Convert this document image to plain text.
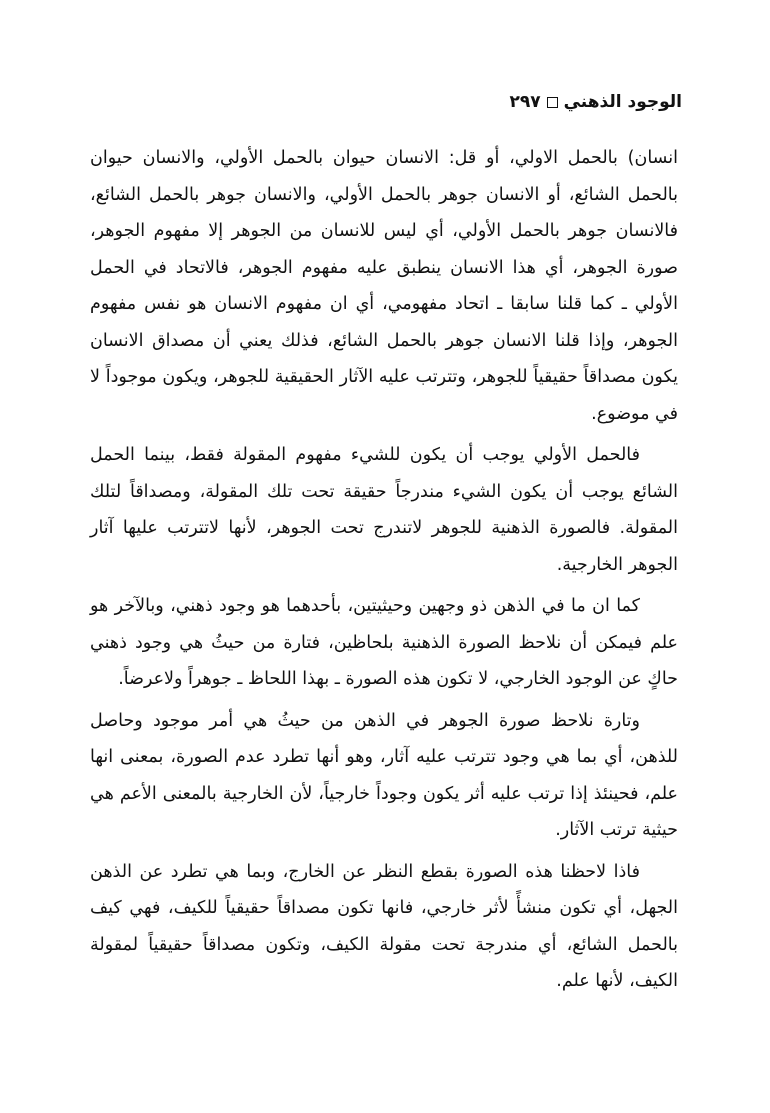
الوجود الذهني
٢٩٧

انسان) بالحمل الاولي، أو قل: الانسان حيوان بالحمل الأولي، والانسان حيوان بالحمل الشائع، أو الانسان جوهر بالحمل الأولي، والانسان جوهر بالحمل الشائع، فالانسان جوهر بالحمل الأولي، أي ليس للانسان من الجوهر إلا مفهوم الجوهر، صورة الجوهر، أي هذا الانسان ينطبق عليه مفهوم الجوهر، فالاتحاد في الحمل الأولي ـ كما قلنا سابقا ـ اتحاد مفهومي، أي ان مفهوم الانسان هو نفس مفهوم الجوهر، وإذا قلنا الانسان جوهر بالحمل الشائع، فذلك يعني أن مصداق الانسان يكون مصداقاً حقيقياً للجوهر، وتترتب عليه الآثار الحقيقية للجوهر، ويكون موجوداً لا في موضوع.

فالحمل الأولي يوجب أن يكون للشيء مفهوم المقولة فقط، بينما الحمل الشائع يوجب أن يكون الشيء مندرجاً حقيقة تحت تلك المقولة، ومصداقاً لتلك المقولة. فالصورة الذهنية للجوهر لاتندرج تحت الجوهر، لأنها لاتترتب عليها آثار الجوهر الخارجية.

كما ان ما في الذهن ذو وجهين وحيثيتين، بأحدهما هو وجود ذهني، وبالآخر هو علم فيمكن أن نلاحظ الصورة الذهنية بلحاظين، فتارة من حيثُ هي وجود ذهني حاكٍ عن الوجود الخارجي، لا تكون هذه الصورة ـ بهذا اللحاظ ـ جوهراً ولاعرضاً.

وتارة نلاحظ صورة الجوهر في الذهن من حيثُ هي أمر موجود وحاصل للذهن، أي بما هي وجود تترتب عليه آثار، وهو أنها تطرد عدم الصورة، بمعنى انها علم، فحينئذ إذا ترتب عليه أثر يكون وجوداً خارجياً، لأن الخارجية بالمعنى الأعم هي حيثية ترتب الآثار.

فاذا لاحظنا هذه الصورة بقطع النظر عن الخارج، وبما هي تطرد عن الذهن الجهل، أي تكون منشأً لأثر خارجي، فانها تكون مصداقاً حقيقياً للكيف، فهي كيف بالحمل الشائع، أي مندرجة تحت مقولة الكيف، وتكون مصداقاً حقيقياً لمقولة الكيف، لأنها علم.
